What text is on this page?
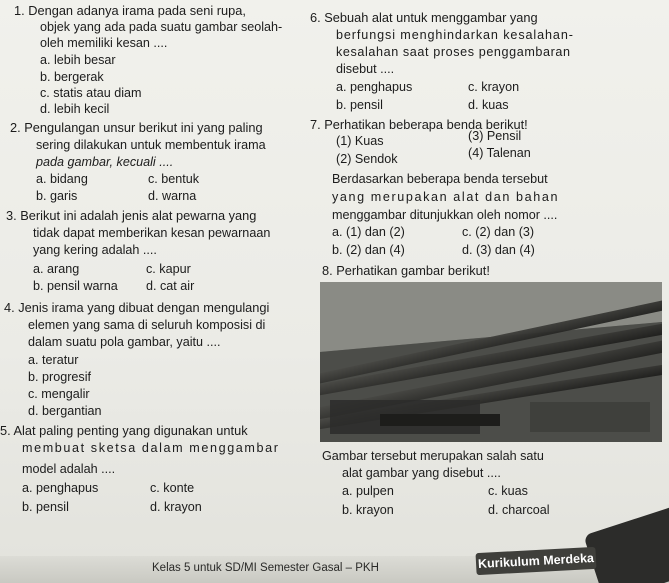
1. Dengan adanya irama pada seni rupa,
objek yang ada pada suatu gambar seolah-
oleh memiliki kesan ....
a. lebih besar
b. bergerak
c. statis atau diam
d. lebih kecil
2. Pengulangan unsur berikut ini yang paling
sering dilakukan untuk membentuk irama
pada gambar, kecuali ....
a. bidang	c. bentuk
b. garis	d. warna
3. Berikut ini adalah jenis alat pewarna yang
tidak dapat memberikan kesan pewarnaan
yang kering adalah ....
a. arang	c. kapur
b. pensil warna d. cat air
4. Jenis irama yang dibuat dengan mengulangi
elemen yang sama di seluruh komposisi di
dalam suatu pola gambar, yaitu ....
a. teratur
b. progresif
c. mengalir
d. bergantian
5. Alat paling penting yang digunakan untuk
membuat sketsa dalam menggambar
model adalah ....
a. penghapus	c. konte
b. pensil	d. krayon
6. Sebuah alat untuk menggambar yang
berfungsi menghindarkan kesalahan-
kesalahan saat proses penggambaran
disebut ....
a. penghapus	c. krayon
b. pensil	d. kuas
7. Perhatikan beberapa benda berikut!
(1) Kuas	(3) Pensil
(2) Sendok	(4) Talenan
Berdasarkan beberapa benda tersebut
yang merupakan alat dan bahan
menggambar ditunjukkan oleh nomor ....
a. (1) dan (2)	c. (2) dan (3)
b. (2) dan (4)	d. (3) dan (4)
8. Perhatikan gambar berikut!
Gambar tersebut merupakan salah satu
alat gambar yang disebut ....
a. pulpen	c. kuas
b. krayon	d. charcoal
Kelas 5 untuk SD/MI Semester Gasal – PKH	Kurikulum Merdeka
